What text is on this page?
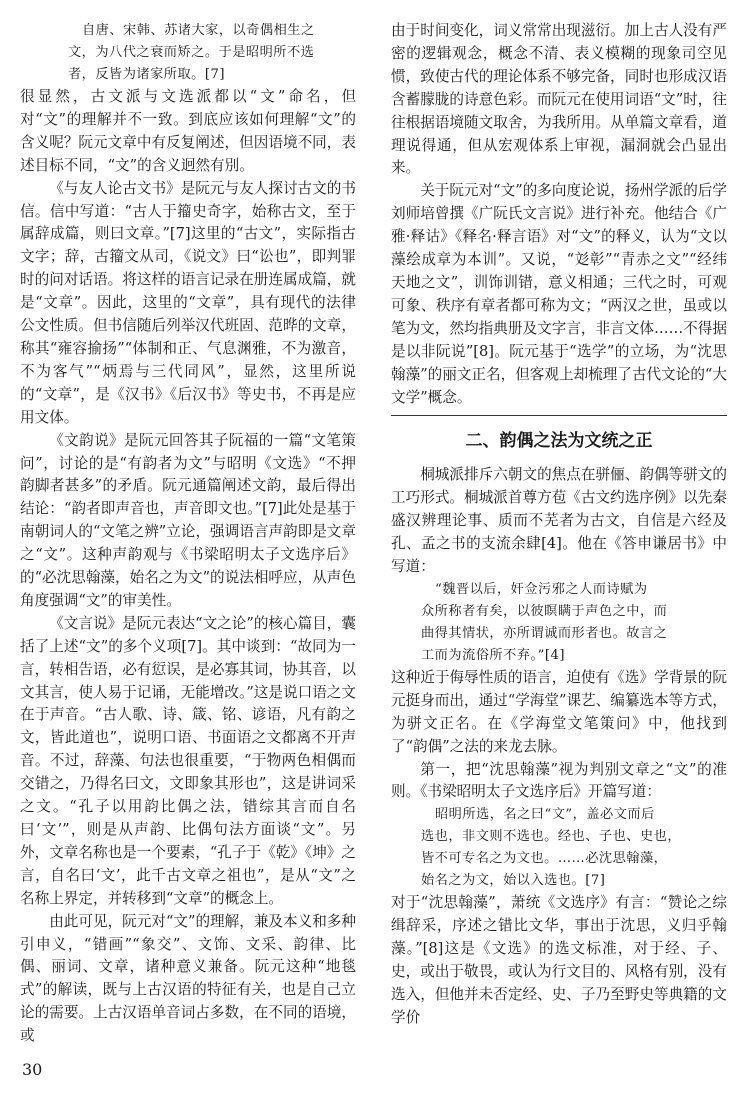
自唐、宋韩、苏诸大家，以奇偶相生之
文，为八代之衰而矫之。于是昭明所不选
者，反皆为诸家所取。[7]

很显然，古文派与文选派都以“文”命名，但对“文”的理解并不一致。到底应该如何理解“文”的含义呢？阮元文章中有反复阐述，但因语境不同，表述目标不同，“文”的含义迥然有別。

《与友人论古文书》是阮元与友人探讨古文的书信。信中写道：“古人于籀史奇字，始称古文，至于属辞成篇，则曰文章。”[7]这里的“古文”，实际指古文字；辞，古籀文从司，《说文》曰“讼也”，即判罪时的问对话语。将这样的语言记录在册连属成篇，就是“文章”。因此，这里的“文章”，具有现代的法律公文性质。但书信随后列举汉代班固、范晔的文章，称其“雍容揄扬”“体制和正、气息渊雅，不为激音，不为客气”“炳焉与三代同风”，显然，这里所说的“文章”，是《汉书》《后汉书》等史书，不再是应用文体。

《文韵说》是阮元回答其子阮福的一篇“文笔策问”，讨论的是“有韵者为文”与昭明《文选》“不押韵脚者甚多”的矛盾。阮元通篇阐述文韵，最后得出结论：“韵者即声音也，声音即文也。”[7]此处是基于南朝词人的“文笔之辨”立论，强调语言声韵即是文章之“文”。这种声韵观与《书梁昭明太子文选序后》的“必沈思翰藻，始名之为文”的说法相呼应，从声色角度强调“文”的审美性。

《文言说》是阮元表达“文之论”的核心篇目，囊括了上述“文”的多个义项[7]。其中谈到：“故同为一言，转相告语，必有愆误，是必寡其词，协其音，以文其言，使人易于记诵，无能增改。”这是说口语之文在于声音。“古人歌、诗、箴、铭、谚语，凡有韵之文，皆此道也”，说明口语、书面语之文都离不开声音。不过，辞藻、句法也很重要，“于物两色相偶而交错之，乃得名曰文，文即象其形也”，这是讲词采之文。“孔子以用韵比偶之法，错综其言而自名曰‘文’”，则是从声韵、比偶句法方面谈“文”。另外，文章名称也是一个要素，“孔子于《乾》《坤》之言，自名曰‘文’，此千古文章之祖也”，是从“文”之名称上界定，并转移到“文章”的概念上。

由此可见，阮元对“文”的理解，兼及本义和多种引申义，“错画”“象交”、文饰、文采、韵律、比偶、丽词、文章，诸种意义兼备。阮元这种“地毯式”的解读，既与上古汉语的特征有关，也是自己立论的需要。上古汉语单音词占多数，在不同的语境，或

由于时间变化，词义常常出现滋衍。加上古人没有严密的逻辑观念，概念不清、表义模糊的现象司空见惯，致使古代的理论体系不够完备，同时也形成汉语含蓄朦胧的诗意色彩。而阮元在使用词语“文”时，往往根据语境随文取舍，为我所用。从单篇文章看，道理说得通，但从宏观体系上审视，漏洞就会凸显出来。

关于阮元对“文”的多向度论说，扬州学派的后学刘师培曾撰《广阮氏文言说》进行补充。他结合《广雅·释诂》《释名·释言语》对“文”的释义，认为“文以藻绘成章为本训”。又说，“彣彰”“青赤之文”“经纬天地之文”，训饰训错，意义相通；三代之时，可观可象、秩序有章者都可称为文；“两汉之世，虽或以笔为文，然均指典册及文字言，非言文体……不得据是以非阮说”[8]。阮元基于“选学”的立场，为“沈思翰藻”的丽文正名，但客观上却梳理了古代文论的“大文学”概念。

二、韵偶之法为文统之正

桐城派排斥六朝文的焦点在骈俪、韵偶等骈文的工巧形式。桐城派首尊方苞《古文约选序例》以先秦盛汉辨理论事、质而不芜者为古文，自信是六经及孔、孟之书的支流余肆[4]。他在《答申谦居书》中写道：

“魏晋以后，奸佥污邪之人而诗赋为
众所称者有矣，以彼瞑瞒于声色之中，而
曲得其情状，亦所谓诚而形者也。故言之
工而为流俗所不弃。”[4]

这种近于侮辱性质的语言，迫使有《选》学背景的阮元挺身而出，通过“学海堂”课艺、编纂选本等方式，为骈文正名。在《学海堂文笔策问》中，他找到了“韵偶”之法的来龙去脉。

第一，把“沈思翰藻”视为判别文章之“文”的准则。《书梁昭明太子文选序后》开篇写道：

昭明所选，名之曰“文”，盖必文而后
选也，非文则不选也。经也、子也、史也，
皆不可专名之为文也。……必沈思翰藻，
始名之为文，始以入选也。[7]

对于“沈思翰藻”，萧统《文选序》有言：“赞论之综缉辞采，序述之错比文华，事出于沈思，义归乎翰藻。”[8]这是《文选》的选文标准，对于经、子、史，或出于敬畏，或认为行文目的、风格有别，没有选入，但他并未否定经、史、子乃至野史等典籍的文学价

30
